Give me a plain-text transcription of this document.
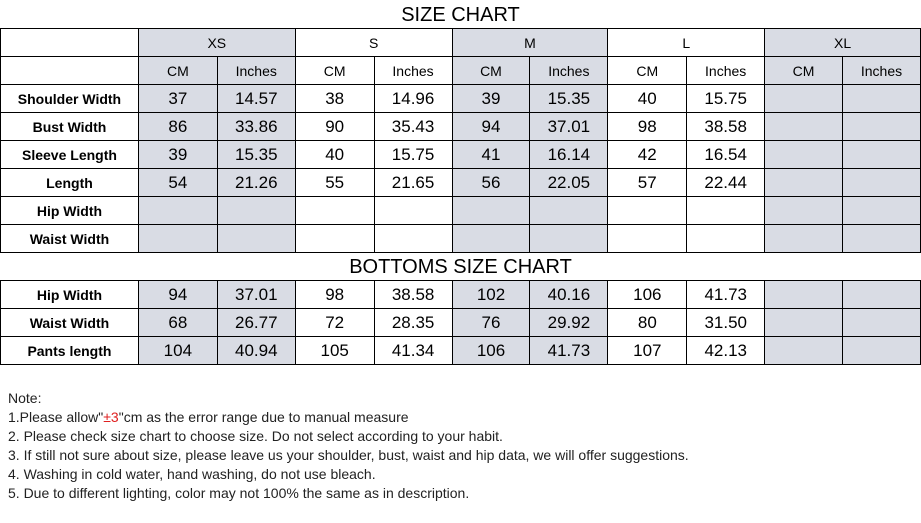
SIZE CHART
	XS		S		M		L		XL	
	CM	Inches	CM	Inches	CM	Inches	CM	Inches	CM	Inches
Shoulder Width	37	14.57	38	14.96	39	15.35	40	15.75		
Bust Width	86	33.86	90	35.43	94	37.01	98	38.58		
Sleeve Length	39	15.35	40	15.75	41	16.14	42	16.54		
Length	54	21.26	55	21.65	56	22.05	57	22.44		
Hip Width										
Waist Width										
BOTTOMS SIZE CHART
Hip Width	94	37.01	98	38.58	102	40.16	106	41.73		
Waist Width	68	26.77	72	28.35	76	29.92	80	31.50		
Pants length	104	40.94	105	41.34	106	41.73	107	42.13		
Note:
1.Please allow"±3"cm as the error range due to manual measure
2. Please check size chart to choose size. Do not select according to your habit.
3. If still not sure about size, please leave us your shoulder, bust, waist and hip data, we will offer suggestions.
4. Washing in cold water, hand washing, do not use bleach.
5. Due to different lighting, color may not 100% the same as in description.
